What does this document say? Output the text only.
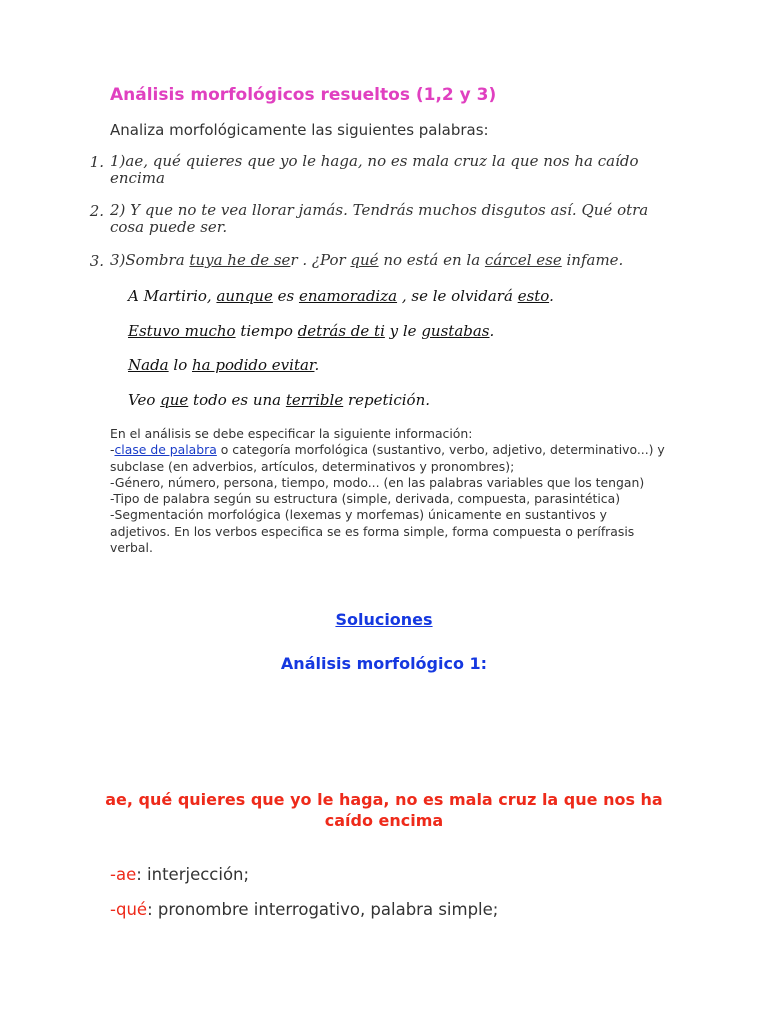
Análisis morfológicos resueltos (1,2 y 3)
Analiza morfológicamente las siguientes palabras:
1. 1)ae, qué quieres que yo le haga, no es mala cruz la que nos ha caído encima
2. 2) Y que no te vea llorar jamás. Tendrás muchos disgutos así. Qué otra cosa puede ser.
3. 3)Sombra tuya he de ser . ¿Por qué no está en la cárcel ese infame.
A Martirio, aunque es enamoradiza , se le olvidará esto.
Estuvo mucho tiempo detrás de ti y le gustabas.
Nada lo ha podido evitar.
Veo que todo es una terrible repetición.
En el análisis se debe especificar la siguiente información:
-clase de palabra o categoría morfológica (sustantivo, verbo, adjetivo, determinativo...) y subclase (en adverbios, artículos, determinativos y pronombres);
-Género, número, persona, tiempo, modo... (en las palabras variables que los tengan)
-Tipo de palabra según su estructura (simple, derivada, compuesta, parasintética)
-Segmentación morfológica (lexemas y morfemas) únicamente en sustantivos y adjetivos. En los verbos especifica se es forma simple, forma compuesta o perífrasis verbal.
Soluciones
Análisis morfológico 1:
ae, qué quieres que yo le haga, no es mala cruz la que nos ha caído encima
-ae: interjección;
-qué: pronombre interrogativo, palabra simple;
